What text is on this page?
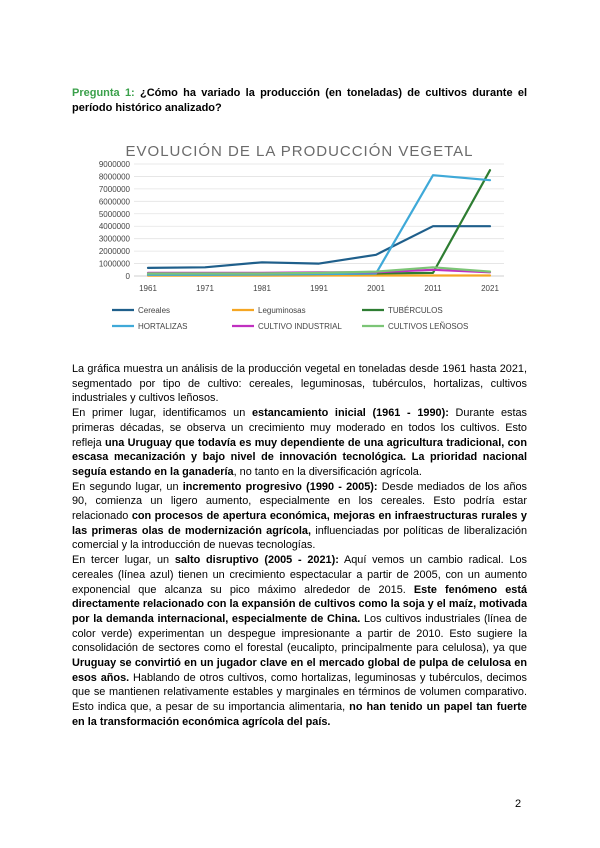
Pregunta 1: ¿Cómo ha variado la producción (en toneladas) de cultivos durante el período histórico analizado?
EVOLUCIÓN DE LA PRODUCCIÓN VEGETAL
0
1000000
2000000
3000000
4000000
5000000
6000000
7000000
8000000
9000000
1961	1971	1981	1991	2001	2011	2021
Cereales	Leguminosas	TUBÉRCULOS
HORTALIZAS	CULTIVO INDUSTRIAL	CULTIVOS LEÑOSOS

La gráfica muestra un análisis de la producción vegetal en toneladas desde 1961 hasta 2021, segmentado por tipo de cultivo: cereales, leguminosas, tubérculos, hortalizas, cultivos industriales y cultivos leñosos.

En primer lugar, identificamos un estancamiento inicial (1961 - 1990): Durante estas primeras décadas, se observa un crecimiento muy moderado en todos los cultivos. Esto refleja una Uruguay que todavía es muy dependiente de una agricultura tradicional, con escasa mecanización y bajo nivel de innovación tecnológica. La prioridad nacional seguía estando en la ganadería, no tanto en la diversificación agrícola.

En segundo lugar, un incremento progresivo (1990 - 2005): Desde mediados de los años 90, comienza un ligero aumento, especialmente en los cereales. Esto podría estar relacionado con procesos de apertura económica, mejoras en infraestructuras rurales y las primeras olas de modernización agrícola, influenciadas por políticas de liberalización comercial y la introducción de nuevas tecnologías.

En tercer lugar, un salto disruptivo (2005 - 2021): Aquí vemos un cambio radical. Los cereales (línea azul) tienen un crecimiento espectacular a partir de 2005, con un aumento exponencial que alcanza su pico máximo alrededor de 2015. Este fenómeno está directamente relacionado con la expansión de cultivos como la soja y el maíz, motivada por la demanda internacional, especialmente de China. Los cultivos industriales (línea de color verde) experimentan un despegue impresionante a partir de 2010. Esto sugiere la consolidación de sectores como el forestal (eucalipto, principalmente para celulosa), ya que Uruguay se convirtió en un jugador clave en el mercado global de pulpa de celulosa en esos años. Hablando de otros cultivos, como hortalizas, leguminosas y tubérculos, decimos que se mantienen relativamente estables y marginales en términos de volumen comparativo. Esto indica que, a pesar de su importancia alimentaria, no han tenido un papel tan fuerte en la transformación económica agrícola del país.

2
